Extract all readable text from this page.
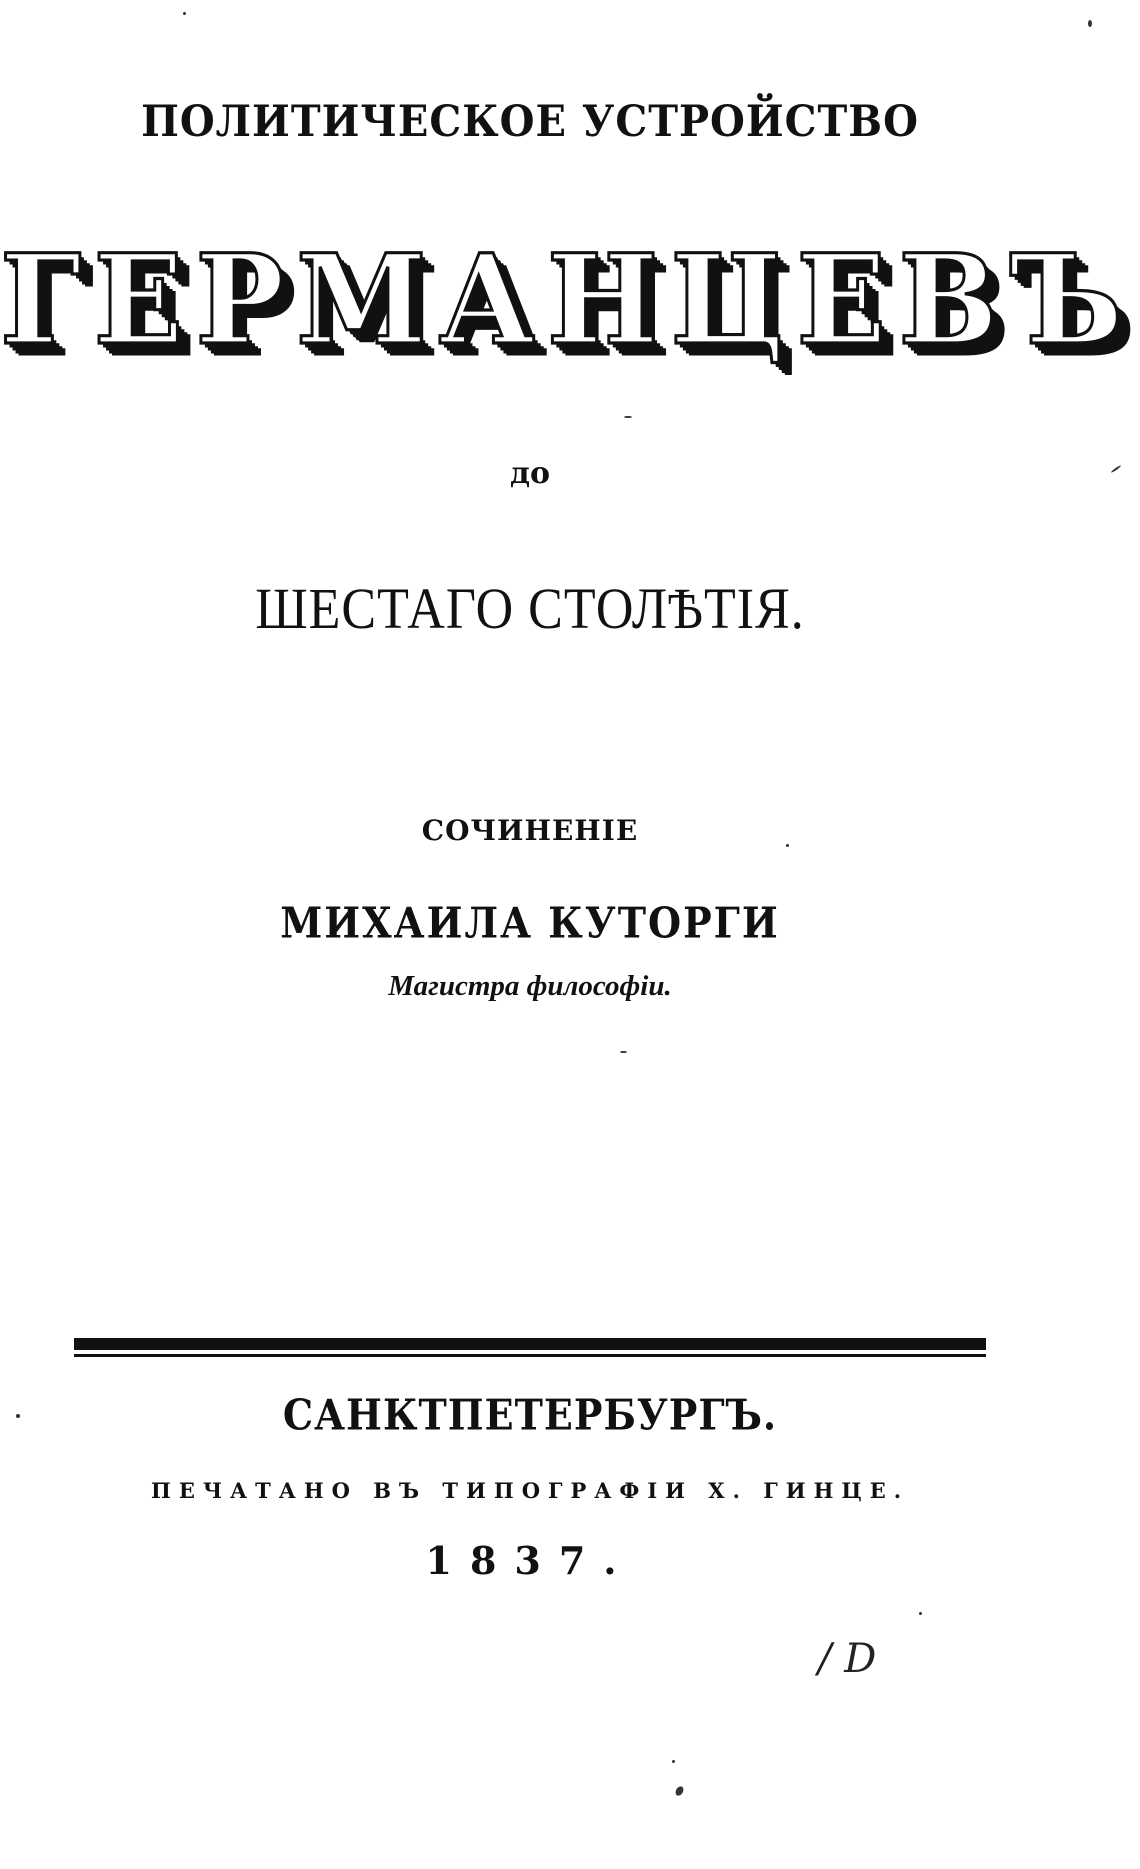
ПОЛИТИЧЕСКОЕ УСТРОЙСТВО
ГЕРМАНЦЕВЪ
до
ШЕСТАГО СТОЛѢТІЯ.
СОЧИНЕНІЕ
МИХАИЛА КУТОРГИ
Магистра философіи.
САНКТПЕТЕРБУРГЪ.
ПЕЧАТАНО ВЪ ТИПОГРАФІИ Х. ГИНЦЕ.
1837.
/ D
